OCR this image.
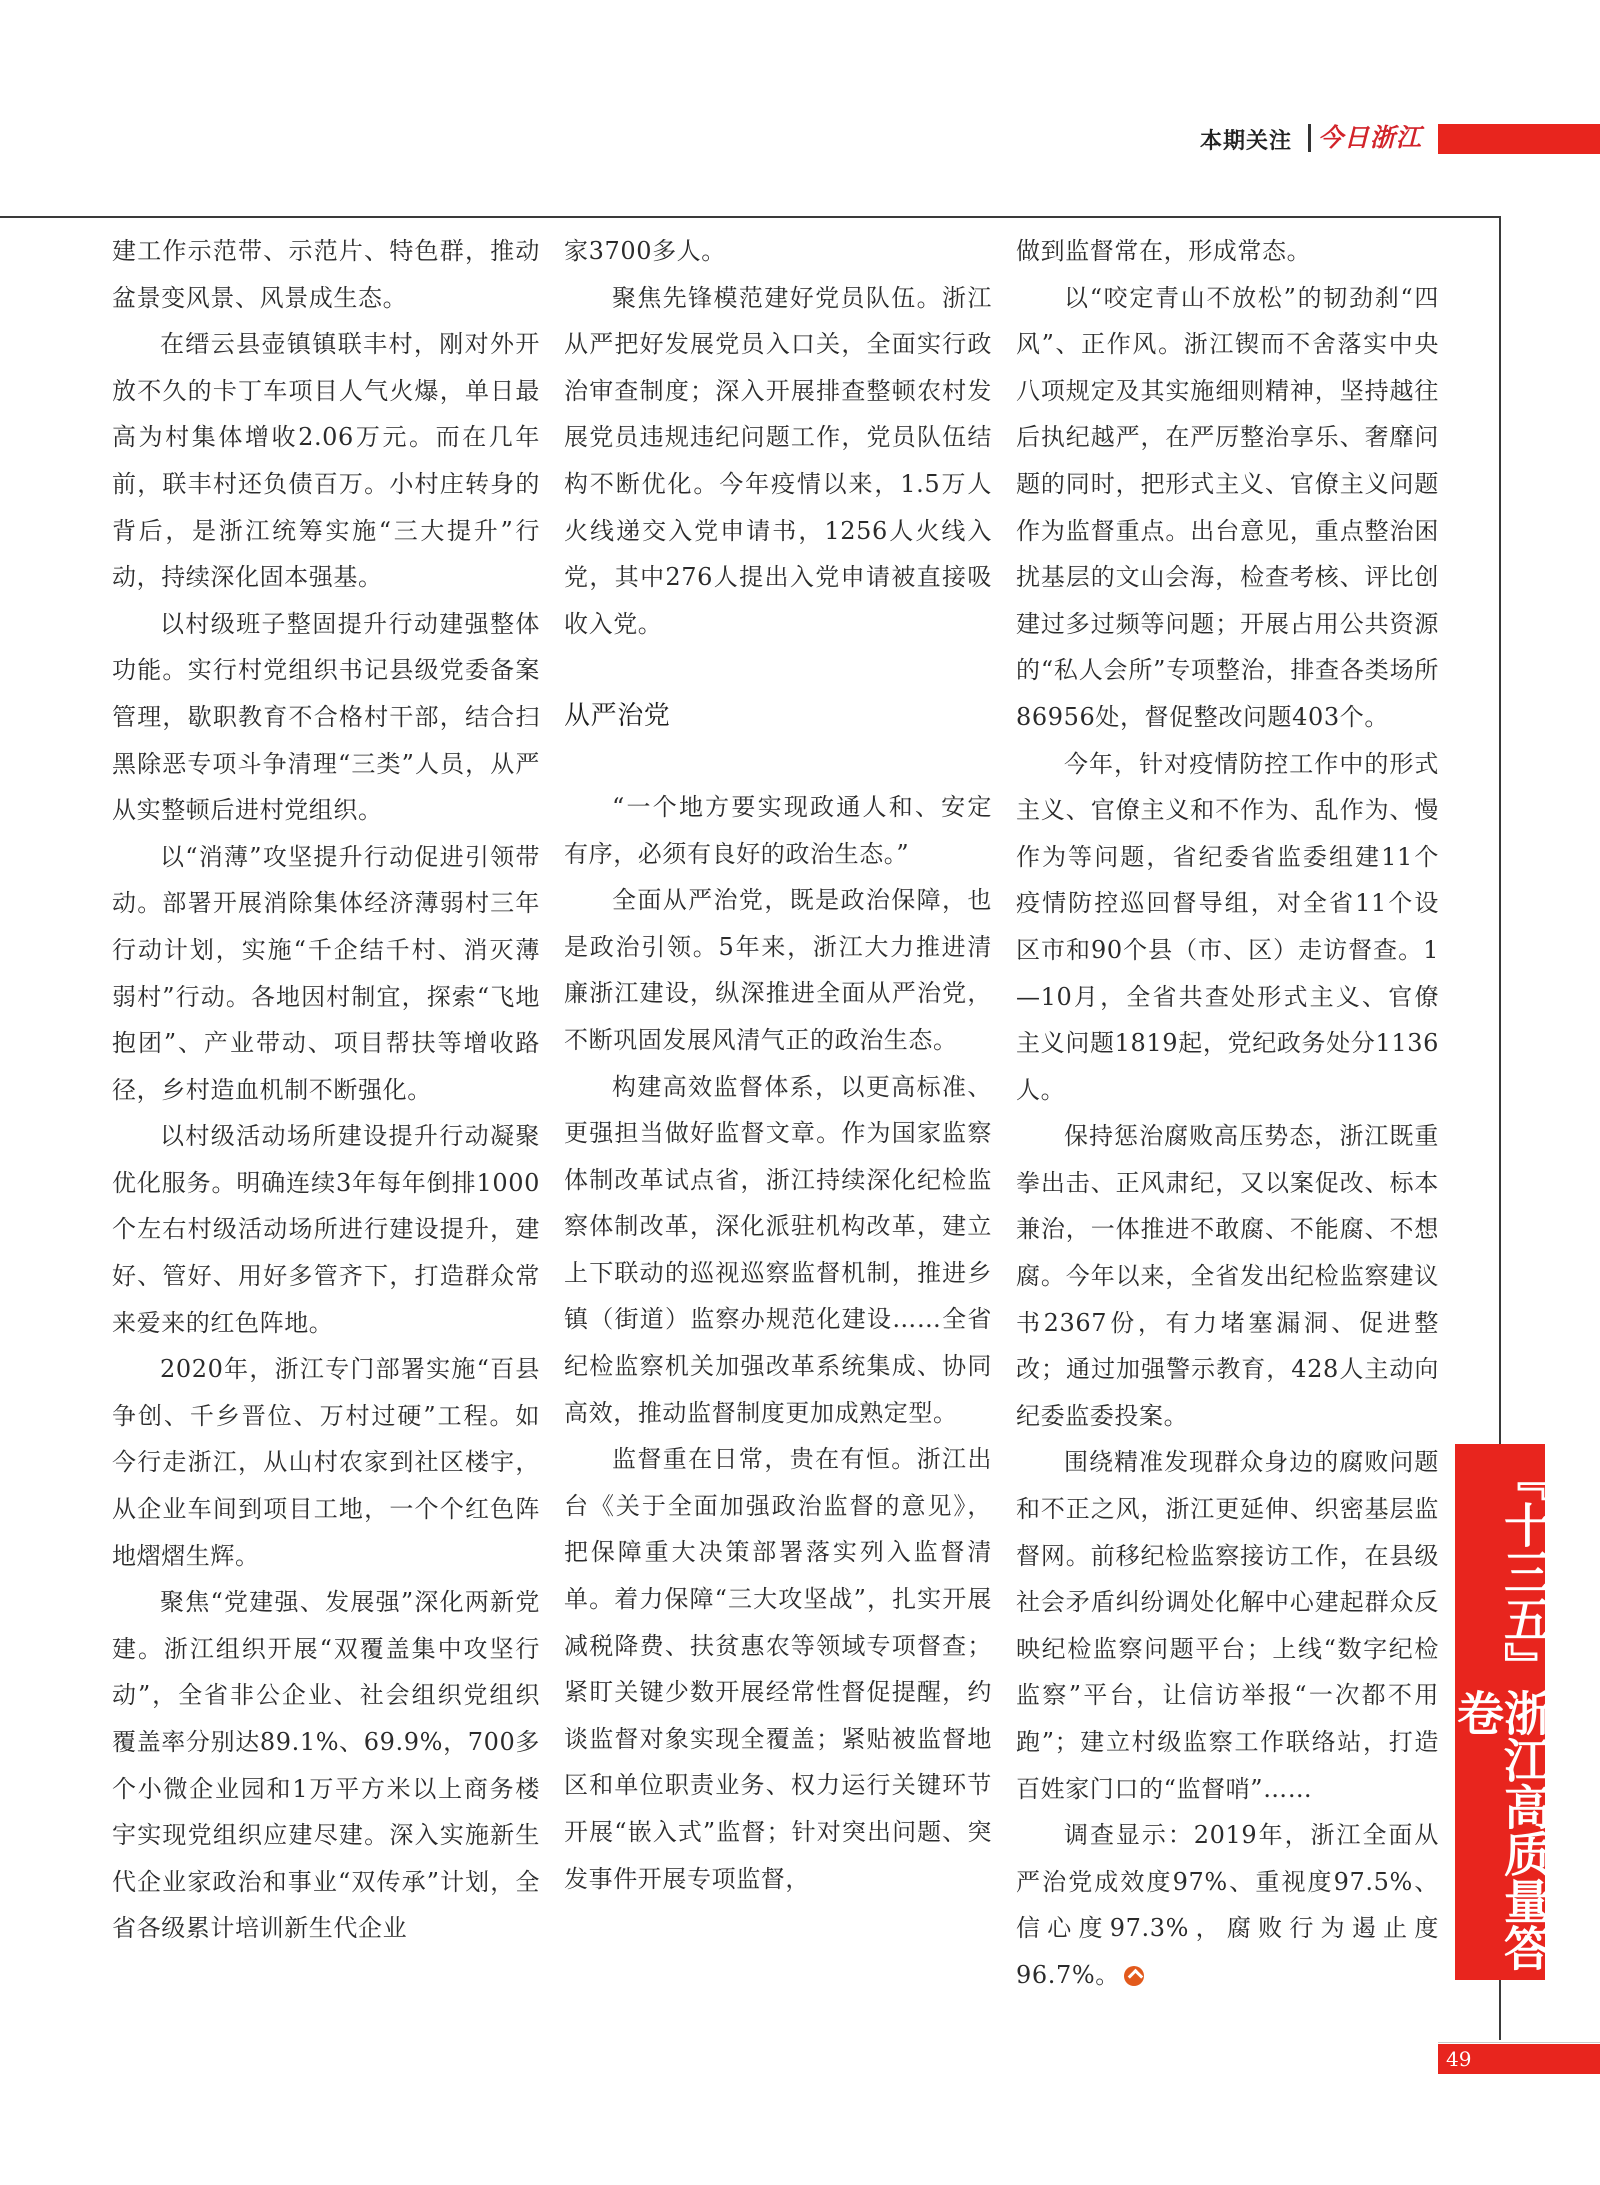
本期关注 今日浙江

建工作示范带、示范片、特色群，推动盆景变风景、风景成生态。

在缙云县壶镇镇联丰村，刚对外开放不久的卡丁车项目人气火爆，单日最高为村集体增收2.06万元。而在几年前，联丰村还负债百万。小村庄转身的背后，是浙江统筹实施“三大提升”行动，持续深化固本强基。

以村级班子整固提升行动建强整体功能。实行村党组织书记县级党委备案管理，歇职教育不合格村干部，结合扫黑除恶专项斗争清理“三类”人员，从严从实整顿后进村党组织。

以“消薄”攻坚提升行动促进引领带动。部署开展消除集体经济薄弱村三年行动计划，实施“千企结千村、消灭薄弱村”行动。各地因村制宜，探索“飞地抱团”、产业带动、项目帮扶等增收路径，乡村造血机制不断强化。

以村级活动场所建设提升行动凝聚优化服务。明确连续3年每年倒排1000个左右村级活动场所进行建设提升，建好、管好、用好多管齐下，打造群众常来爱来的红色阵地。

2020年，浙江专门部署实施“百县争创、千乡晋位、万村过硬”工程。如今行走浙江，从山村农家到社区楼宇，从企业车间到项目工地，一个个红色阵地熠熠生辉。

聚焦“党建强、发展强”深化两新党建。浙江组织开展“双覆盖集中攻坚行动”，全省非公企业、社会组织党组织覆盖率分别达89.1%、69.9%，700多个小微企业园和1万平方米以上商务楼宇实现党组织应建尽建。深入实施新生代企业家政治和事业“双传承”计划，全省各级累计培训新生代企业

家3700多人。

聚焦先锋模范建好党员队伍。浙江从严把好发展党员入口关，全面实行政治审查制度；深入开展排查整顿农村发展党员违规违纪问题工作，党员队伍结构不断优化。今年疫情以来，1.5万人火线递交入党申请书，1256人火线入党，其中276人提出入党申请被直接吸收入党。

从严治党

“一个地方要实现政通人和、安定有序，必须有良好的政治生态。”

全面从严治党，既是政治保障，也是政治引领。5年来，浙江大力推进清廉浙江建设，纵深推进全面从严治党，不断巩固发展风清气正的政治生态。

构建高效监督体系，以更高标准、更强担当做好监督文章。作为国家监察体制改革试点省，浙江持续深化纪检监察体制改革，深化派驻机构改革，建立上下联动的巡视巡察监督机制，推进乡镇（街道）监察办规范化建设……全省纪检监察机关加强改革系统集成、协同高效，推动监督制度更加成熟定型。

监督重在日常，贵在有恒。浙江出台《关于全面加强政治监督的意见》，把保障重大决策部署落实列入监督清单。着力保障“三大攻坚战”，扎实开展减税降费、扶贫惠农等领域专项督查；紧盯关键少数开展经常性督促提醒，约谈监督对象实现全覆盖；紧贴被监督地区和单位职责业务、权力运行关键环节开展“嵌入式”监督；针对突出问题、突发事件开展专项监督，

做到监督常在，形成常态。

以“咬定青山不放松”的韧劲刹“四风”、正作风。浙江锲而不舍落实中央八项规定及其实施细则精神，坚持越往后执纪越严，在严厉整治享乐、奢靡问题的同时，把形式主义、官僚主义问题作为监督重点。出台意见，重点整治困扰基层的文山会海，检查考核、评比创建过多过频等问题；开展占用公共资源的“私人会所”专项整治，排查各类场所86956处，督促整改问题403个。

今年，针对疫情防控工作中的形式主义、官僚主义和不作为、乱作为、慢作为等问题，省纪委省监委组建11个疫情防控巡回督导组，对全省11个设区市和90个县（市、区）走访督查。1—10月，全省共查处形式主义、官僚主义问题1819起，党纪政务处分1136人。

保持惩治腐败高压势态，浙江既重拳出击、正风肃纪，又以案促改、标本兼治，一体推进不敢腐、不能腐、不想腐。今年以来，全省发出纪检监察建议书2367份，有力堵塞漏洞、促进整改；通过加强警示教育，428人主动向纪委监委投案。

围绕精准发现群众身边的腐败问题和不正之风，浙江更延伸、织密基层监督网。前移纪检监察接访工作，在县级社会矛盾纠纷调处化解中心建起群众反映纪检监察问题平台；上线“数字纪检监察”平台，让信访举报“一次都不用跑”；建立村级监察工作联络站，打造百姓家门口的“监督哨”……

调查显示：2019年，浙江全面从严治党成效度97%、重视度97.5%、信心度97.3%，腐败行为遏止度96.7%。

『十三五』浙江高质量答卷
49
